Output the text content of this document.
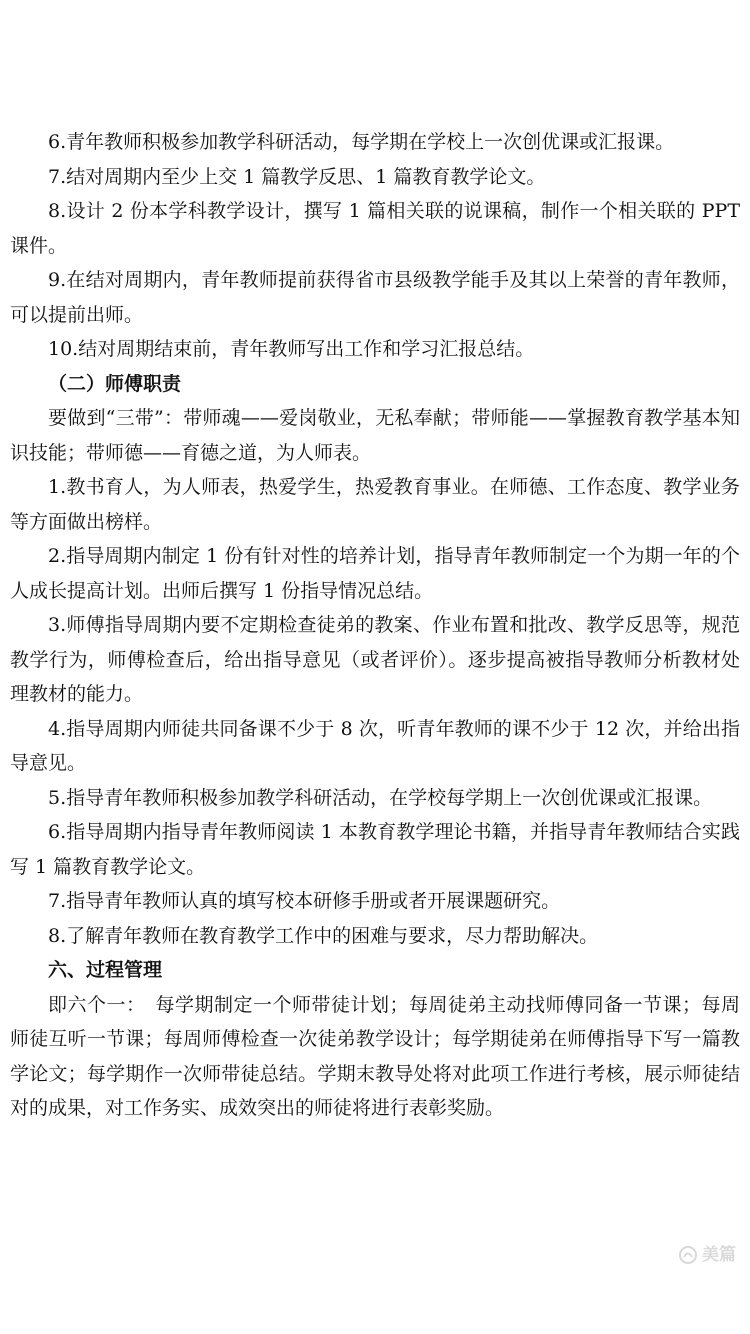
6.青年教师积极参加教学科研活动，每学期在学校上一次创优课或汇报课。

7.结对周期内至少上交 1 篇教学反思、1 篇教育教学论文。

8.设计 2 份本学科教学设计，撰写 1 篇相关联的说课稿，制作一个相关联的 PPT 课件。

9.在结对周期内，青年教师提前获得省市县级教学能手及其以上荣誉的青年教师，可以提前出师。

10.结对周期结束前，青年教师写出工作和学习汇报总结。

（二）师傅职责

要做到“三带”：带师魂——爱岗敬业，无私奉献；带师能——掌握教育教学基本知识技能；带师德——育德之道，为人师表。

1.教书育人，为人师表，热爱学生，热爱教育事业。在师德、工作态度、教学业务等方面做出榜样。

2.指导周期内制定 1 份有针对性的培养计划，指导青年教师制定一个为期一年的个人成长提高计划。出师后撰写 1 份指导情况总结。

3.师傅指导周期内要不定期检查徒弟的教案、作业布置和批改、教学反思等，规范教学行为，师傅检查后，给出指导意见（或者评价）。逐步提高被指导教师分析教材处理教材的能力。

4.指导周期内师徒共同备课不少于 8 次，听青年教师的课不少于 12 次，并给出指导意见。

5.指导青年教师积极参加教学科研活动，在学校每学期上一次创优课或汇报课。

6.指导周期内指导青年教师阅读 1 本教育教学理论书籍，并指导青年教师结合实践写 1 篇教育教学论文。

7.指导青年教师认真的填写校本研修手册或者开展课题研究。

8.了解青年教师在教育教学工作中的困难与要求，尽力帮助解决。

六、过程管理

即六个一：　每学期制定一个师带徒计划；每周徒弟主动找师傅同备一节课；每周师徒互听一节课；每周师傅检查一次徒弟教学设计；每学期徒弟在师傅指导下写一篇教学论文；每学期作一次师带徒总结。学期末教导处将对此项工作进行考核，展示师徒结对的成果，对工作务实、成效突出的师徒将进行表彰奖励。

美篇
